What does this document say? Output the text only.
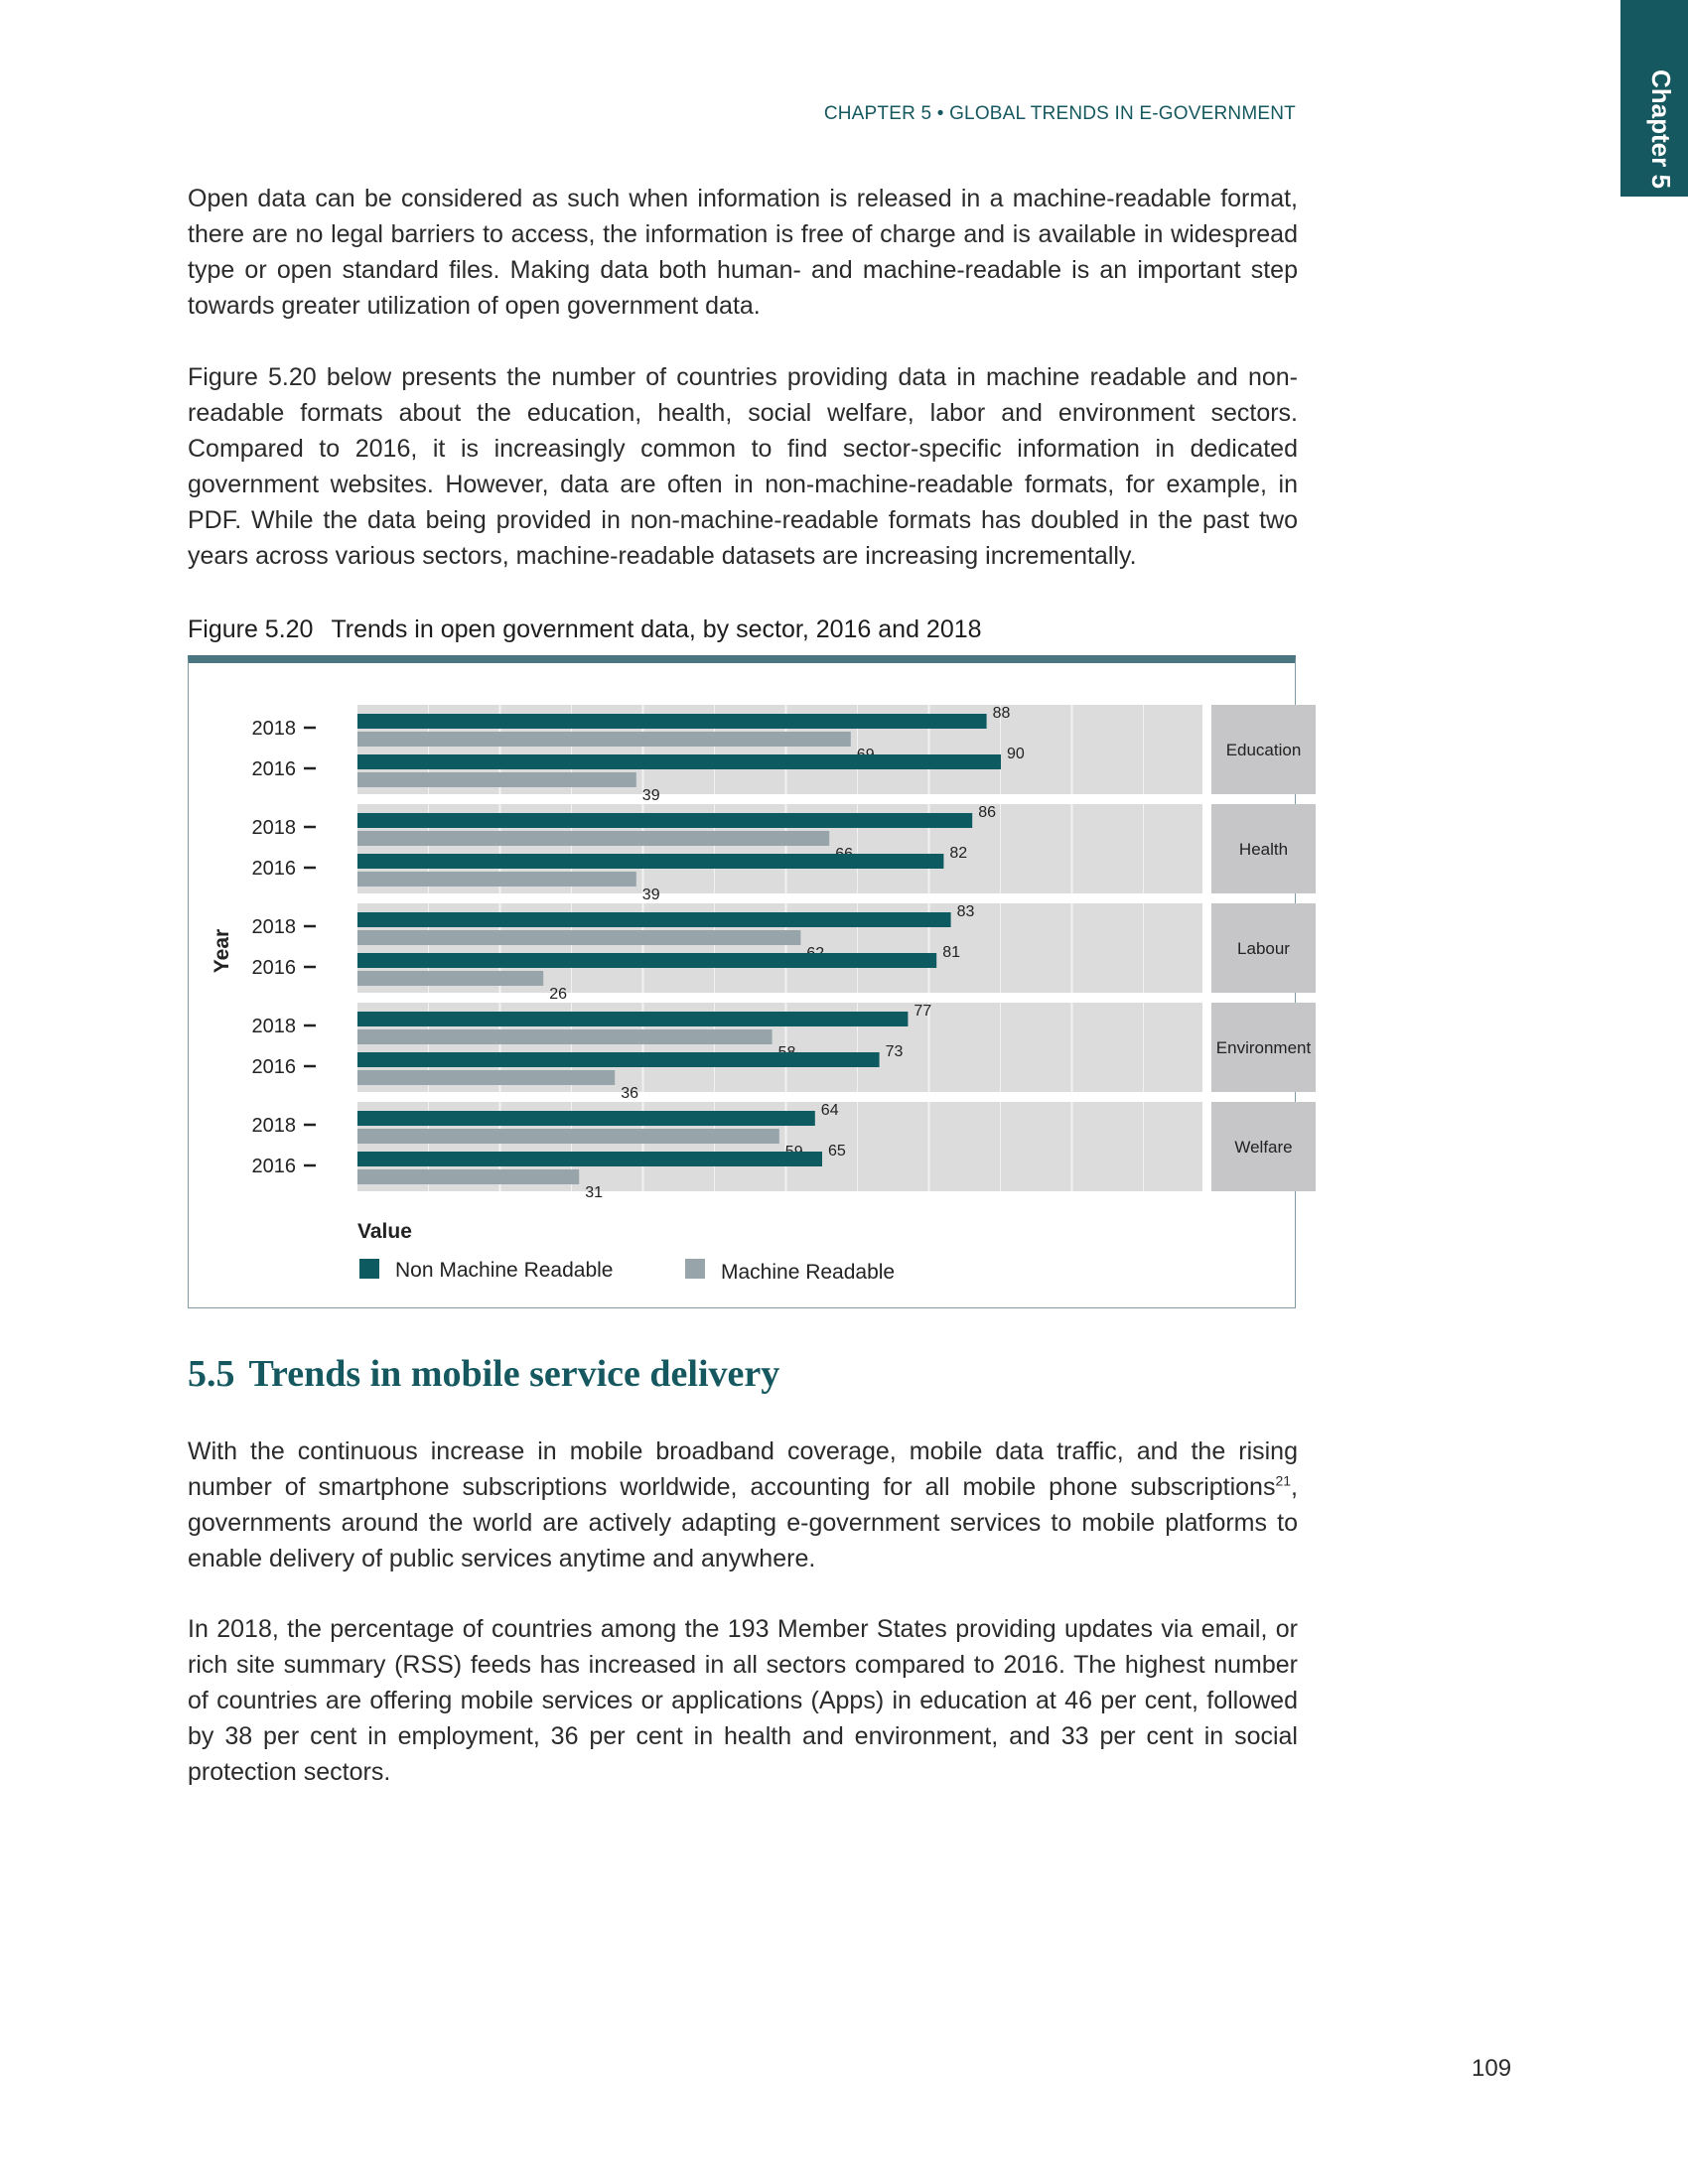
Chapter 5
CHAPTER 5 • GLOBAL TRENDS IN E-GOVERNMENT

Open data can be considered as such when information is released in a machine-readable format, there are no legal barriers to access, the information is free of charge and is available in widespread type or open standard files. Making data both human- and machine-readable is an important step towards greater utilization of open government data.

Figure 5.20 below presents the number of countries providing data in machine readable and non-readable formats about the education, health, social welfare, labor and environment sectors. Compared to 2016, it is increasingly common to find sector-specific information in dedicated government websites. However, data are often in non-machine-readable formats, for example, in PDF. While the data being provided in non-machine-readable formats has doubled in the past two years across various sectors, machine-readable datasets are increasing incrementally.

Figure 5.20 Trends in open government data, by sector, 2016 and 2018
Education
2018
88
2016
90
39
Health
2018
86
2016
82
39
Labour
2018
83
2016
81
26
Environment
2018
77
2016
73
36
Welfare
2018
64
2016
65
31
Year
Value
Non Machine Readable	Machine Readable
5.5 Trends in mobile service delivery

With the continuous increase in mobile broadband coverage, mobile data traffic, and the rising number of smartphone subscriptions worldwide, accounting for all mobile phone subscriptions$^{21}$, governments around the world are actively adapting e-government services to mobile platforms to enable delivery of public services anytime and anywhere.

In 2018, the percentage of countries among the 193 Member States providing updates via email, or rich site summary (RSS) feeds has increased in all sectors compared to 2016. The highest number of countries are offering mobile services or applications (Apps) in education at 46 per cent, followed by 38 per cent in employment, 36 per cent in health and environment, and 33 per cent in social protection sectors.

109
